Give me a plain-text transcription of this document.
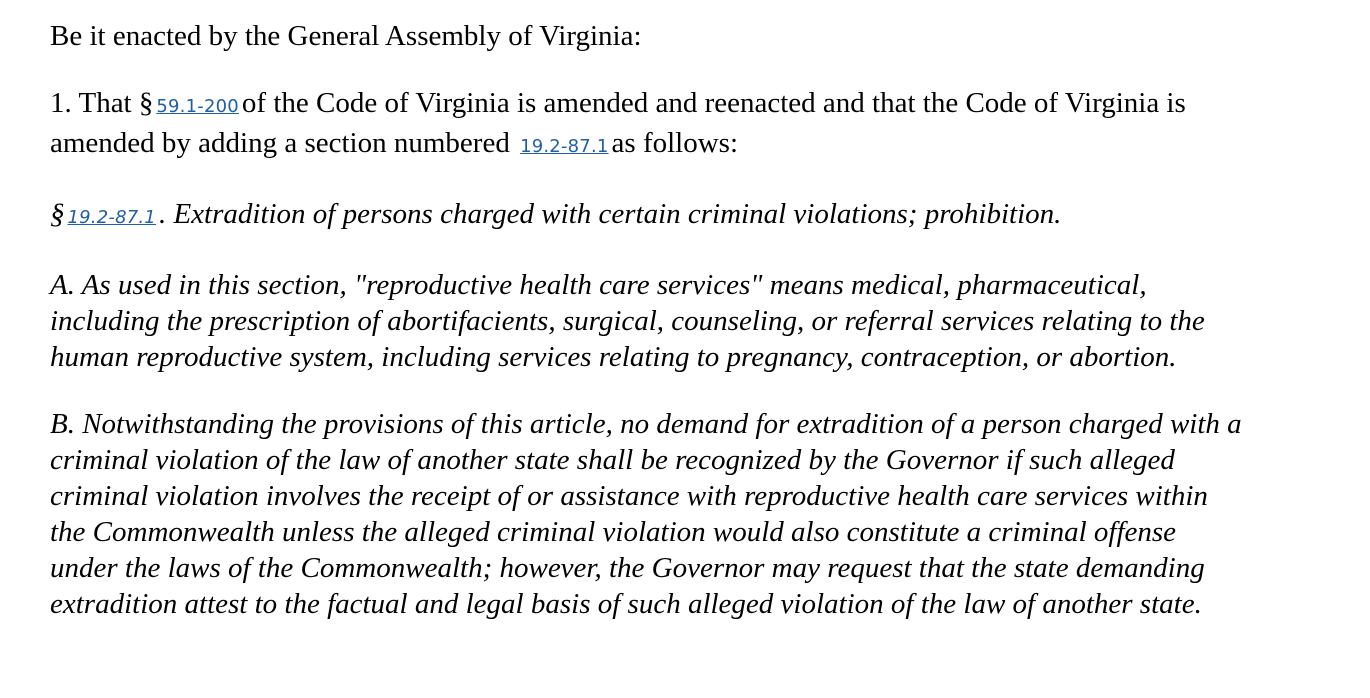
Be it enacted by the General Assembly of Virginia:

1. That § 59.1-200 of the Code of Virginia is amended and reenacted and that the Code of Virginia is amended by adding a section numbered 19.2-87.1 as follows:

§ 19.2-87.1 . Extradition of persons charged with certain criminal violations; prohibition.

A. As used in this section, "reproductive health care services" means medical, pharmaceutical, including the prescription of abortifacients, surgical, counseling, or referral services relating to the human reproductive system, including services relating to pregnancy, contraception, or abortion.

B. Notwithstanding the provisions of this article, no demand for extradition of a person charged with a criminal violation of the law of another state shall be recognized by the Governor if such alleged criminal violation involves the receipt of or assistance with reproductive health care services within the Commonwealth unless the alleged criminal violation would also constitute a criminal offense under the laws of the Commonwealth; however, the Governor may request that the state demanding extradition attest to the factual and legal basis of such alleged violation of the law of another state.
